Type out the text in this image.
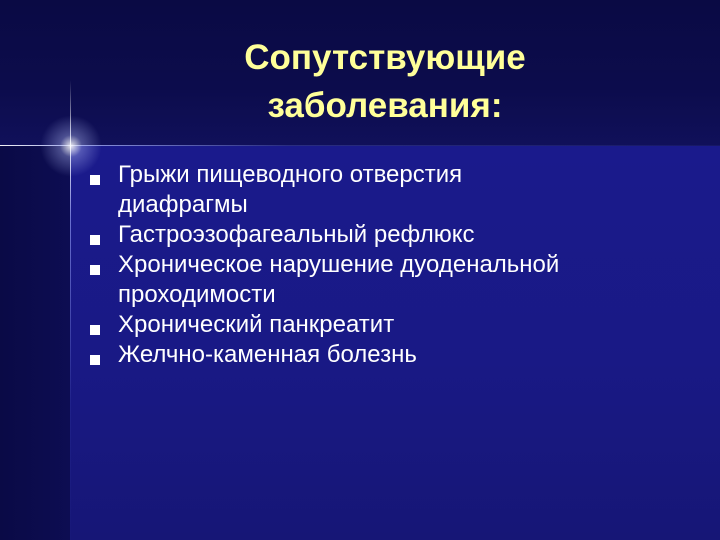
Сопутствующие
заболевания:
Грыжи пищеводного отверстия
диафрагмы
Гастроэзофагеальный рефлюкс
Хроническое нарушение дуоденальной
проходимости
Хронический панкреатит
Желчно-каменная болезнь
